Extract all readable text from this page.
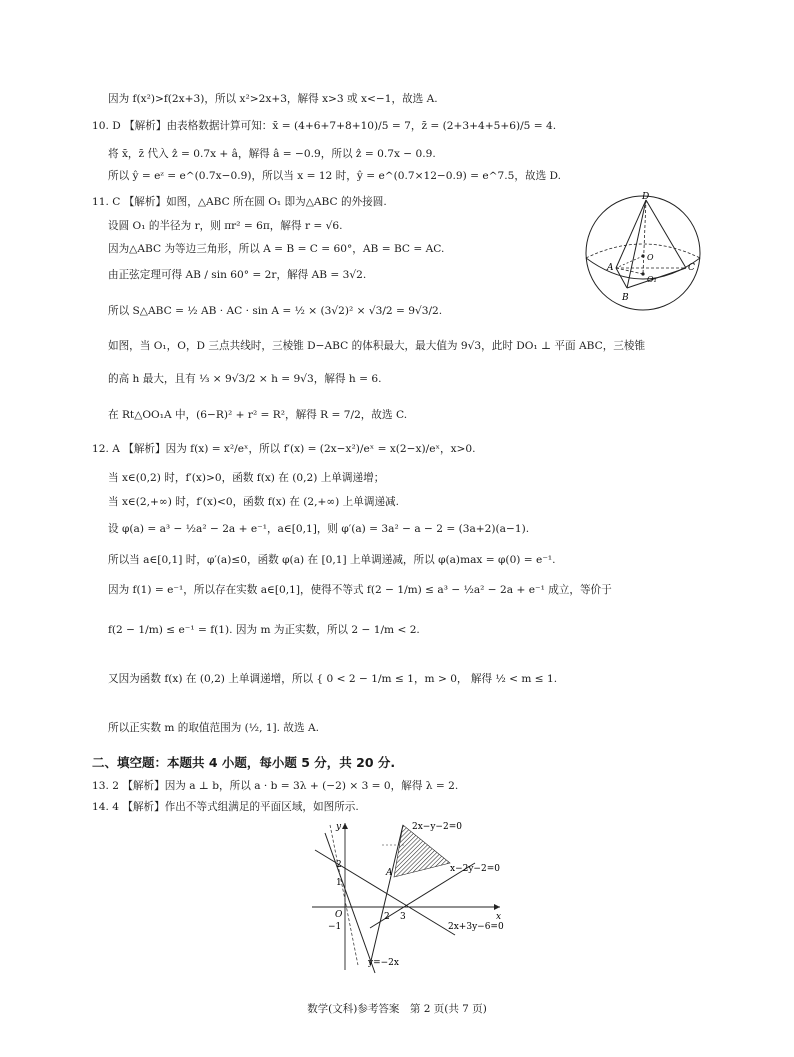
因为 f(x²)>f(2x+3)，所以 x²>2x+3，解得 x>3 或 x<−1，故选 A.
10. D 【解析】由表格数据计算可知：x̄ = (4+6+7+8+10)/5 = 7，z̄ = (2+3+4+5+6)/5 = 4.
将 x̄，z̄ 代入 ẑ = 0.7x + â，解得 â = −0.9，所以 ẑ = 0.7x − 0.9.
所以 ŷ = eᶻ = e^(0.7x−0.9)，所以当 x = 12 时，ŷ = e^(0.7×12−0.9) = e^7.5，故选 D.
11. C 【解析】如图，△ABC 所在圆 O₁ 即为△ABC 的外接圆.
设圆 O₁ 的半径为 r，则 πr² = 6π，解得 r = √6.
因为△ABC 为等边三角形，所以 A = B = C = 60°，AB = BC = AC.
由正弦定理可得 AB / sin 60° = 2r，解得 AB = 3√2.
所以 S△ABC = ½ AB · AC · sin A = ½ × (3√2)² × √3/2 = 9√3/2.
如图，当 O₁，O，D 三点共线时，三棱锥 D−ABC 的体积最大，最大值为 9√3，此时 DO₁ ⊥ 平面 ABC，三棱锥
的高 h 最大，且有 ⅓ × 9√3/2 × h = 9√3，解得 h = 6.
在 Rt△OO₁A 中，(6−R)² + r² = R²，解得 R = 7/2，故选 C.
12. A 【解析】因为 f(x) = x²/eˣ，所以 f′(x) = (2x−x²)/eˣ = x(2−x)/eˣ，x>0.
当 x∈(0,2) 时，f′(x)>0，函数 f(x) 在 (0,2) 上单调递增；
当 x∈(2,+∞) 时，f′(x)<0，函数 f(x) 在 (2,+∞) 上单调递减.
设 φ(a) = a³ − ½a² − 2a + e⁻¹，a∈[0,1]，则 φ′(a) = 3a² − a − 2 = (3a+2)(a−1).
所以当 a∈[0,1] 时，φ′(a)≤0，函数 φ(a) 在 [0,1] 上单调递减，所以 φ(a)max = φ(0) = e⁻¹.
因为 f(1) = e⁻¹，所以存在实数 a∈[0,1]，使得不等式 f(2 − 1/m) ≤ a³ − ½a² − 2a + e⁻¹ 成立，等价于
f(2 − 1/m) ≤ e⁻¹ = f(1). 因为 m 为正实数，所以 2 − 1/m < 2.
又因为函数 f(x) 在 (0,2) 上单调递增，所以 { 0 < 2 − 1/m ≤ 1，m > 0， 解得 ½ < m ≤ 1.
所以正实数 m 的取值范围为 (½, 1]. 故选 A.
二、填空题：本题共 4 小题，每小题 5 分，共 20 分.
13. 2 【解析】因为 a ⊥ b，所以 a · b = 3λ + (−2) × 3 = 0，解得 λ = 2.
14. 4 【解析】作出不等式组满足的平面区域，如图所示.
D
A
B
C
O
O₁
2x−y−2=0
x−2y−2=0
2x+3y−6=0
y=−2x
y
x
O
A
2 3
1
2
−1
数学(文科)参考答案　第 2 页(共 7 页)
